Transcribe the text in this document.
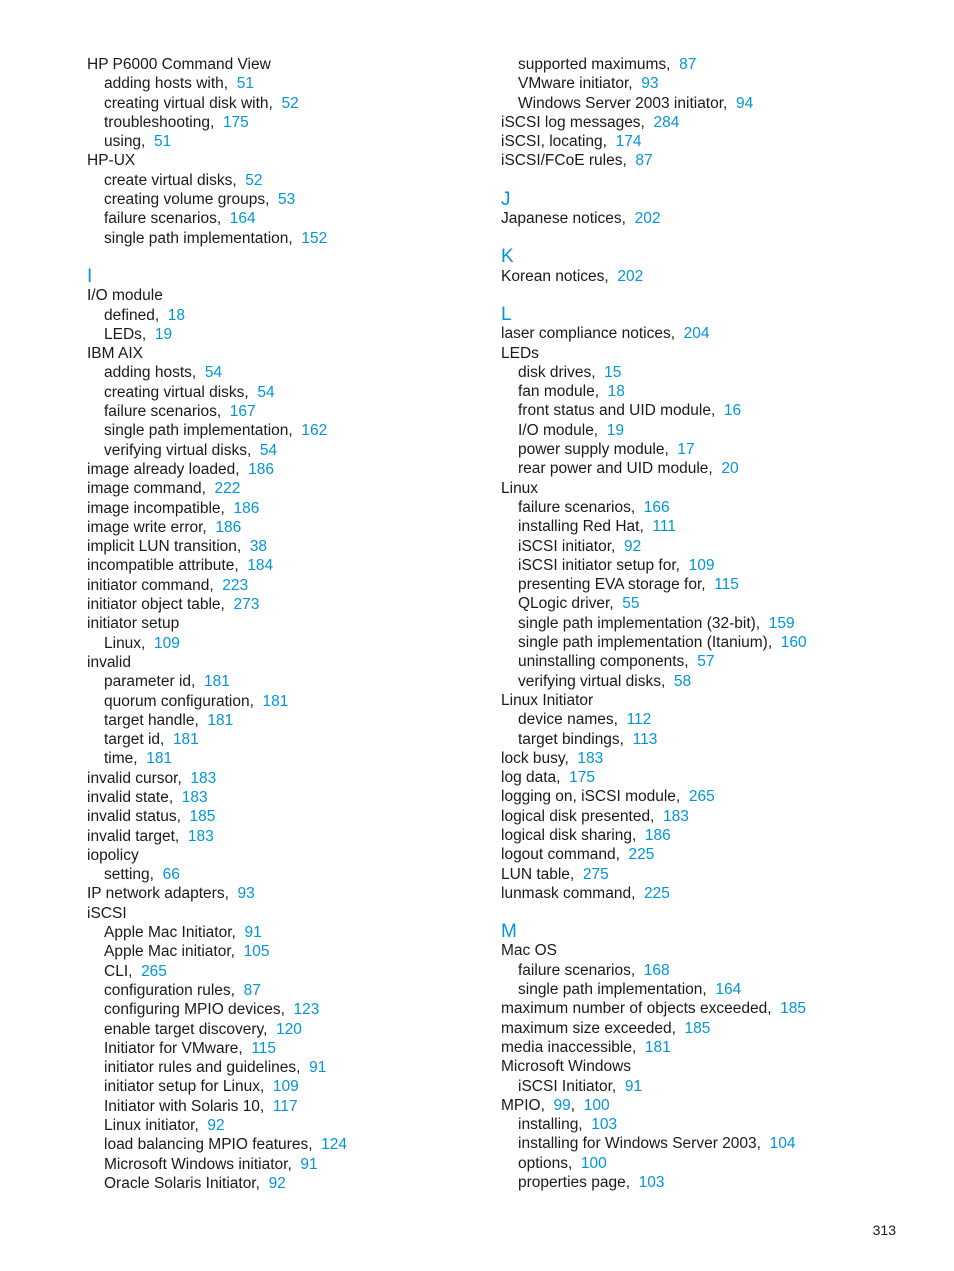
HP P6000 Command View
adding hosts with, 51
creating virtual disk with, 52
troubleshooting, 175
using, 51
HP-UX
create virtual disks, 52
creating volume groups, 53
failure scenarios, 164
single path implementation, 152
I
I/O module
defined, 18
LEDs, 19
IBM AIX
adding hosts, 54
creating virtual disks, 54
failure scenarios, 167
single path implementation, 162
verifying virtual disks, 54
image already loaded, 186
image command, 222
image incompatible, 186
image write error, 186
implicit LUN transition, 38
incompatible attribute, 184
initiator command, 223
initiator object table, 273
initiator setup
Linux, 109
invalid
parameter id, 181
quorum configuration, 181
target handle, 181
target id, 181
time, 181
invalid cursor, 183
invalid state, 183
invalid status, 185
invalid target, 183
iopolicy
setting, 66
IP network adapters, 93
iSCSI
Apple Mac Initiator, 91
Apple Mac initiator, 105
CLI, 265
configuration rules, 87
configuring MPIO devices, 123
enable target discovery, 120
Initiator for VMware, 115
initiator rules and guidelines, 91
initiator setup for Linux, 109
Initiator with Solaris 10, 117
Linux initiator, 92
load balancing MPIO features, 124
Microsoft Windows initiator, 91
Oracle Solaris Initiator, 92
supported maximums, 87
VMware initiator, 93
Windows Server 2003 initiator, 94
iSCSI log messages, 284
iSCSI, locating, 174
iSCSI/FCoE rules, 87
J
Japanese notices, 202
K
Korean notices, 202
L
laser compliance notices, 204
LEDs
disk drives, 15
fan module, 18
front status and UID module, 16
I/O module, 19
power supply module, 17
rear power and UID module, 20
Linux
failure scenarios, 166
installing Red Hat, 111
iSCSI initiator, 92
iSCSI initiator setup for, 109
presenting EVA storage for, 115
QLogic driver, 55
single path implementation (32-bit), 159
single path implementation (Itanium), 160
uninstalling components, 57
verifying virtual disks, 58
Linux Initiator
device names, 112
target bindings, 113
lock busy, 183
log data, 175
logging on, iSCSI module, 265
logical disk presented, 183
logical disk sharing, 186
logout command, 225
LUN table, 275
lunmask command, 225
M
Mac OS
failure scenarios, 168
single path implementation, 164
maximum number of objects exceeded, 185
maximum size exceeded, 185
media inaccessible, 181
Microsoft Windows
iSCSI Initiator, 91
MPIO, 99, 100
installing, 103
installing for Windows Server 2003, 104
options, 100
properties page, 103
313
